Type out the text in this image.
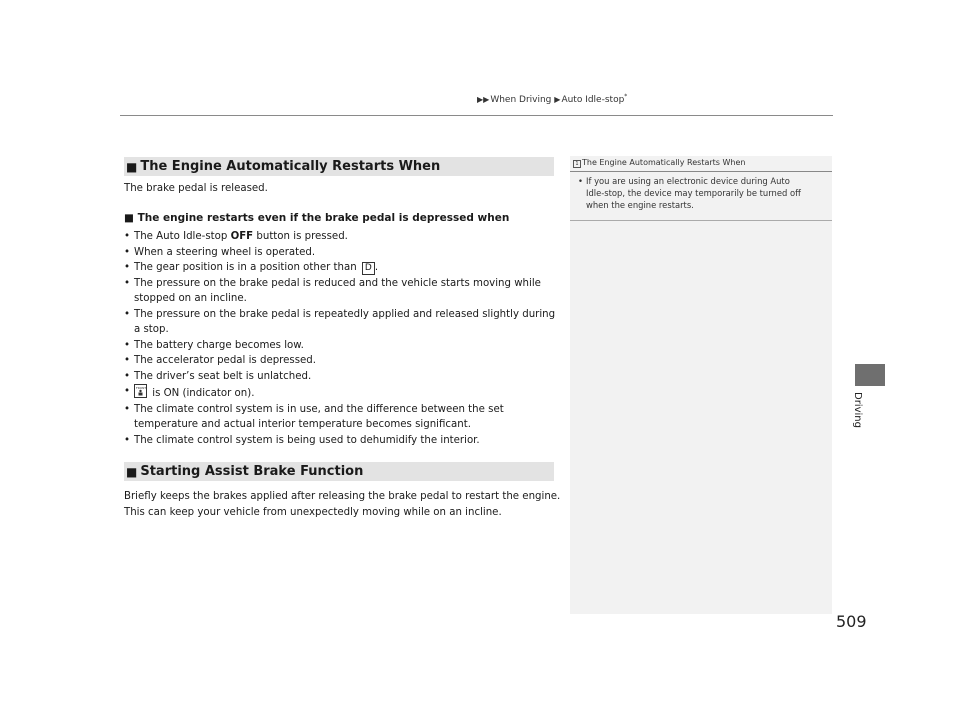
▶▶When Driving ▶Auto Idle-stop*
Driving
509
■ The Engine Automatically Restarts When
The brake pedal is released.
■ The engine restarts even if the brake pedal is depressed when
• The Auto Idle-stop OFF button is pressed.
• When a steering wheel is operated.
• The gear position is in a position other than D .
• The pressure on the brake pedal is reduced and the vehicle starts moving while
stopped on an incline.
• The pressure on the brake pedal is repeatedly applied and released slightly during
a stop.
• The battery charge becomes low.
• The accelerator pedal is depressed.
• The driver’s seat belt is unlatched.
• FRONT is ON (indicator on).
• The climate control system is in use, and the difference between the set
temperature and actual interior temperature becomes significant.
• The climate control system is being used to dehumidify the interior.
■ Starting Assist Brake Function
Briefly keeps the brakes applied after releasing the brake pedal to restart the engine.
This can keep your vehicle from unexpectedly moving while on an incline.
1 The Engine Automatically Restarts When
• If you are using an electronic device during Auto
Idle-stop, the device may temporarily be turned off
when the engine restarts.
